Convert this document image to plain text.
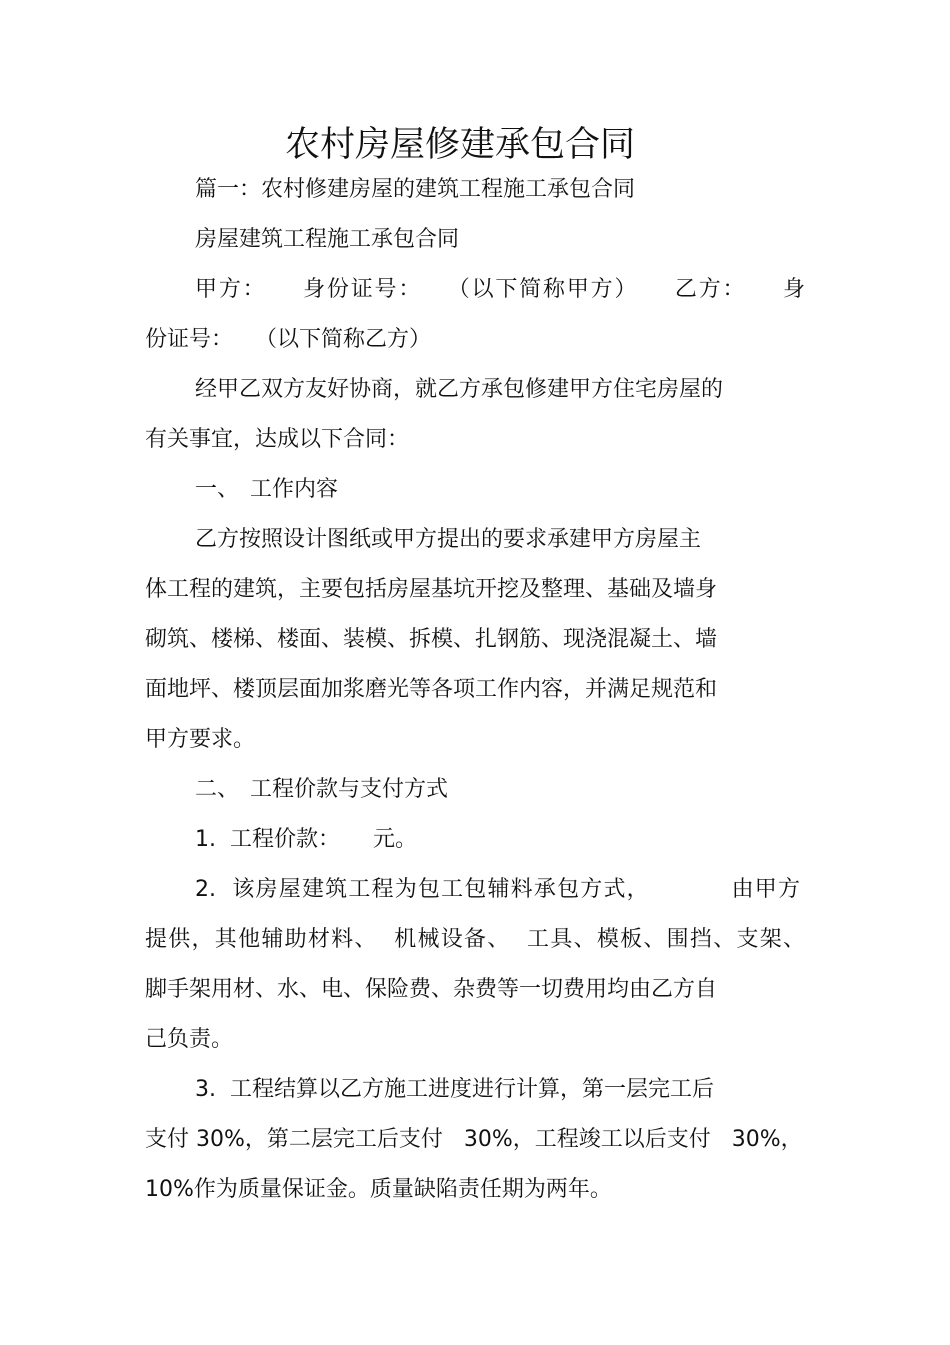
农村房屋修建承包合同
篇一：农村修建房屋的建筑工程施工承包合同
房屋建筑工程施工承包合同
甲方：　　身份证号：　　（以下简称甲方）　　乙方：　　身
份证号：　　（以下简称乙方）
经甲乙双方友好协商，就乙方承包修建甲方住宅房屋的
有关事宜，达成以下合同：
一、　工作内容
乙方按照设计图纸或甲方提出的要求承建甲方房屋主
体工程的建筑，主要包括房屋基坑开挖及整理、基础及墙身
砌筑、楼梯、楼面、装模、拆模、扎钢筋、现浇混凝土、墙
面地坪、楼顶层面加浆磨光等各项工作内容，并满足规范和
甲方要求。
二、　工程价款与支付方式
1.  工程价款：　　元。
2.  该房屋建筑工程为包工包辅料承包方式，　　　　由甲方
提供，其他辅助材料、  机械设备、  工具、模板、围挡、支架、
脚手架用材、水、电、保险费、杂费等一切费用均由乙方自
己负责。
3.  工程结算以乙方施工进度进行计算，第一层完工后
支付 30%，第二层完工后支付   30%，工程竣工以后支付   30%，
10%作为质量保证金。质量缺陷责任期为两年。
